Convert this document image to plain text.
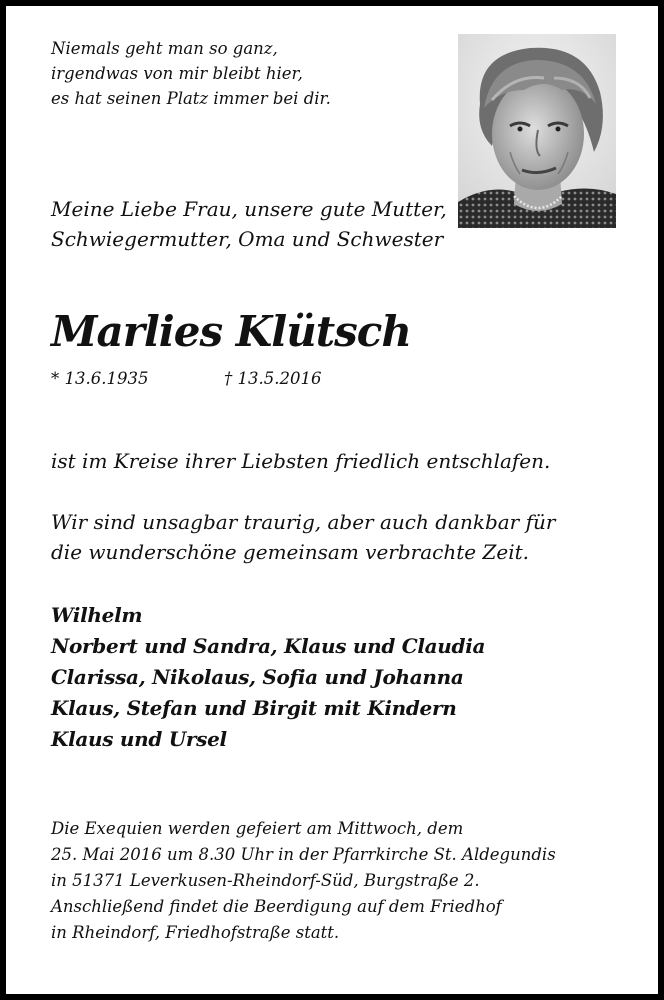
Niemals geht man so ganz,
irgendwas von mir bleibt hier,
es hat seinen Platz immer bei dir.
Meine Liebe Frau, unsere gute Mutter,
Schwiegermutter, Oma und Schwester
Marlies Klütsch
* 13.6.1935	† 13.5.2016
ist im Kreise ihrer Liebsten friedlich entschlafen.
Wir sind unsagbar traurig, aber auch dankbar für
die wunderschöne gemeinsam verbrachte Zeit.
Wilhelm
Norbert und Sandra, Klaus und Claudia
Clarissa, Nikolaus, Sofia und Johanna
Klaus, Stefan und Birgit mit Kindern
Klaus und Ursel
Die Exequien werden gefeiert am Mittwoch, dem
25. Mai 2016 um 8.30 Uhr in der Pfarrkirche St. Aldegundis
in 51371 Leverkusen-Rheindorf-Süd, Burgstraße 2.
Anschließend findet die Beerdigung auf dem Friedhof
in Rheindorf, Friedhofstraße statt.
